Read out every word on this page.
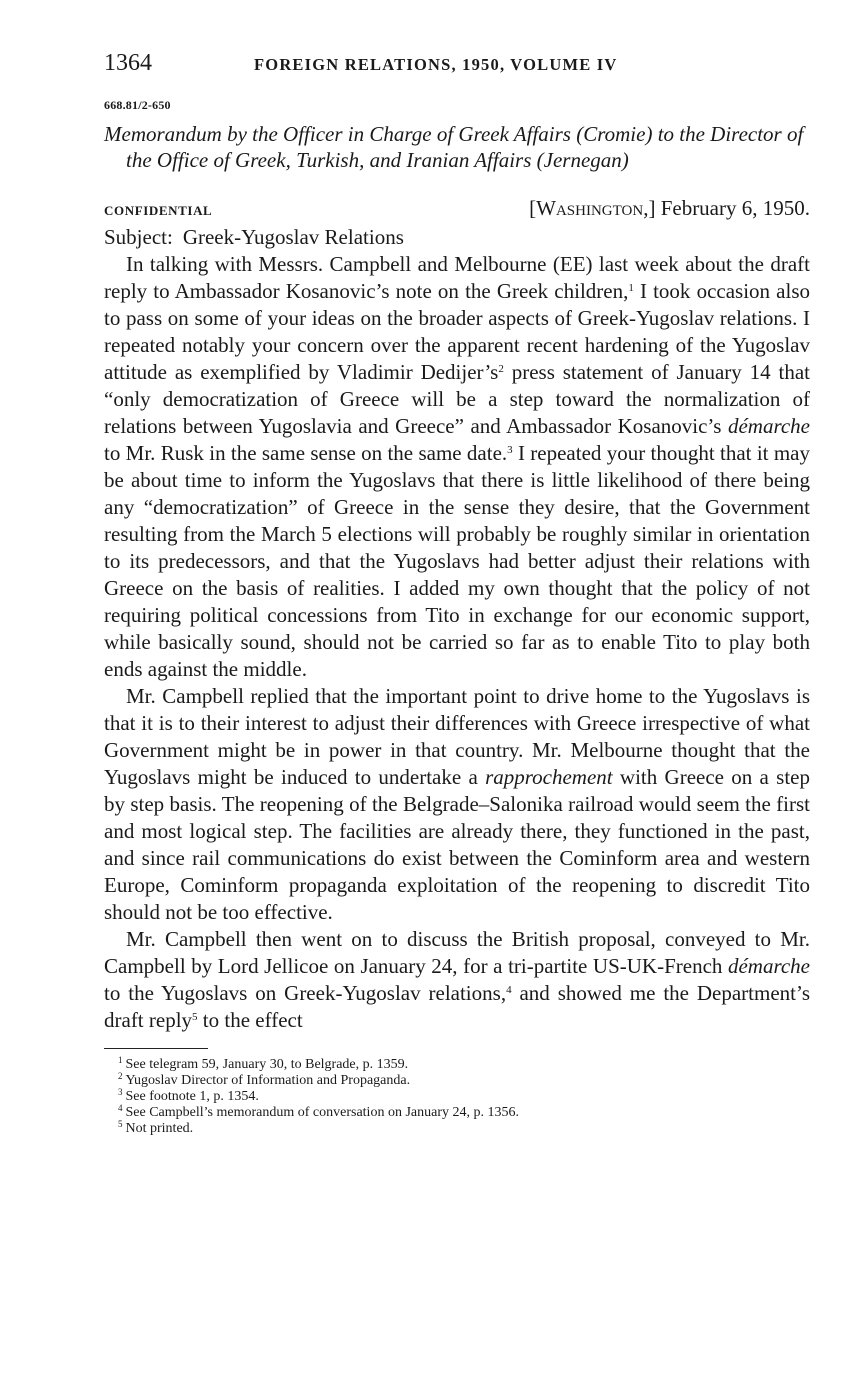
1364	FOREIGN RELATIONS, 1950, VOLUME IV
668.81/2-650
Memorandum by the Officer in Charge of Greek Affairs (Cromie) to the Director of the Office of Greek, Turkish, and Iranian Affairs (Jernegan)
CONFIDENTIAL	[Washington,] February 6, 1950.
Subject: Greek-Yugoslav Relations

In talking with Messrs. Campbell and Melbourne (EE) last week about the draft reply to Ambassador Kosanovic’s note on the Greek children,$^1$ I took occasion also to pass on some of your ideas on the broader aspects of Greek-Yugoslav relations. I repeated notably your concern over the apparent recent hardening of the Yugoslav attitude as exemplified by Vladimir $Dedijer’s^2$ press statement of January 14 that “only democratization of Greece will be a step toward the normalization of relations between Yugoslavia and Greece” and Ambassador Kosanovic’s démarche to Mr. Rusk in the same sense on the same date.$^3$ I repeated your thought that it may be about time to inform the Yugoslavs that there is little likelihood of there being any “democratization” of Greece in the sense they desire, that the Government resulting from the March 5 elections will probably be roughly similar in orientation to its predecessors, and that the Yugoslavs had better adjust their relations with Greece on the basis of realities. I added my own thought that the policy of not requiring political concessions from Tito in exchange for our economic support, while basically sound, should not be carried so far as to enable Tito to play both ends against the middle.

Mr. Campbell replied that the important point to drive home to the Yugoslavs is that it is to their interest to adjust their differences with Greece irrespective of what Government might be in power in that country. Mr. Melbourne thought that the Yugoslavs might be induced to undertake a rapprochement with Greece on a step by step basis. The reopening of the Belgrade–Salonika railroad would seem the first and most logical step. The facilities are already there, they functioned in the past, and since rail communications do exist between the Cominform area and western Europe, Cominform propaganda exploitation of the reopening to discredit Tito should not be too effective.

Mr. Campbell then went on to discuss the British proposal, conveyed to Mr. Campbell by Lord Jellicoe on January 24, for a tri-partite US-UK-French démarche to the Yugoslavs on Greek-Yugoslav relations,$^4$ and showed me the Department’s draft reply$^5$ to the effect

$^1$ See telegram 59, January 30, to Belgrade, p. 1359.
$^2$ Yugoslav Director of Information and Propaganda.
$^3$ See footnote 1, p. 1354.
$^4$ See Campbell’s memorandum of conversation on January 24, p. 1356.
$^5$ Not printed.
